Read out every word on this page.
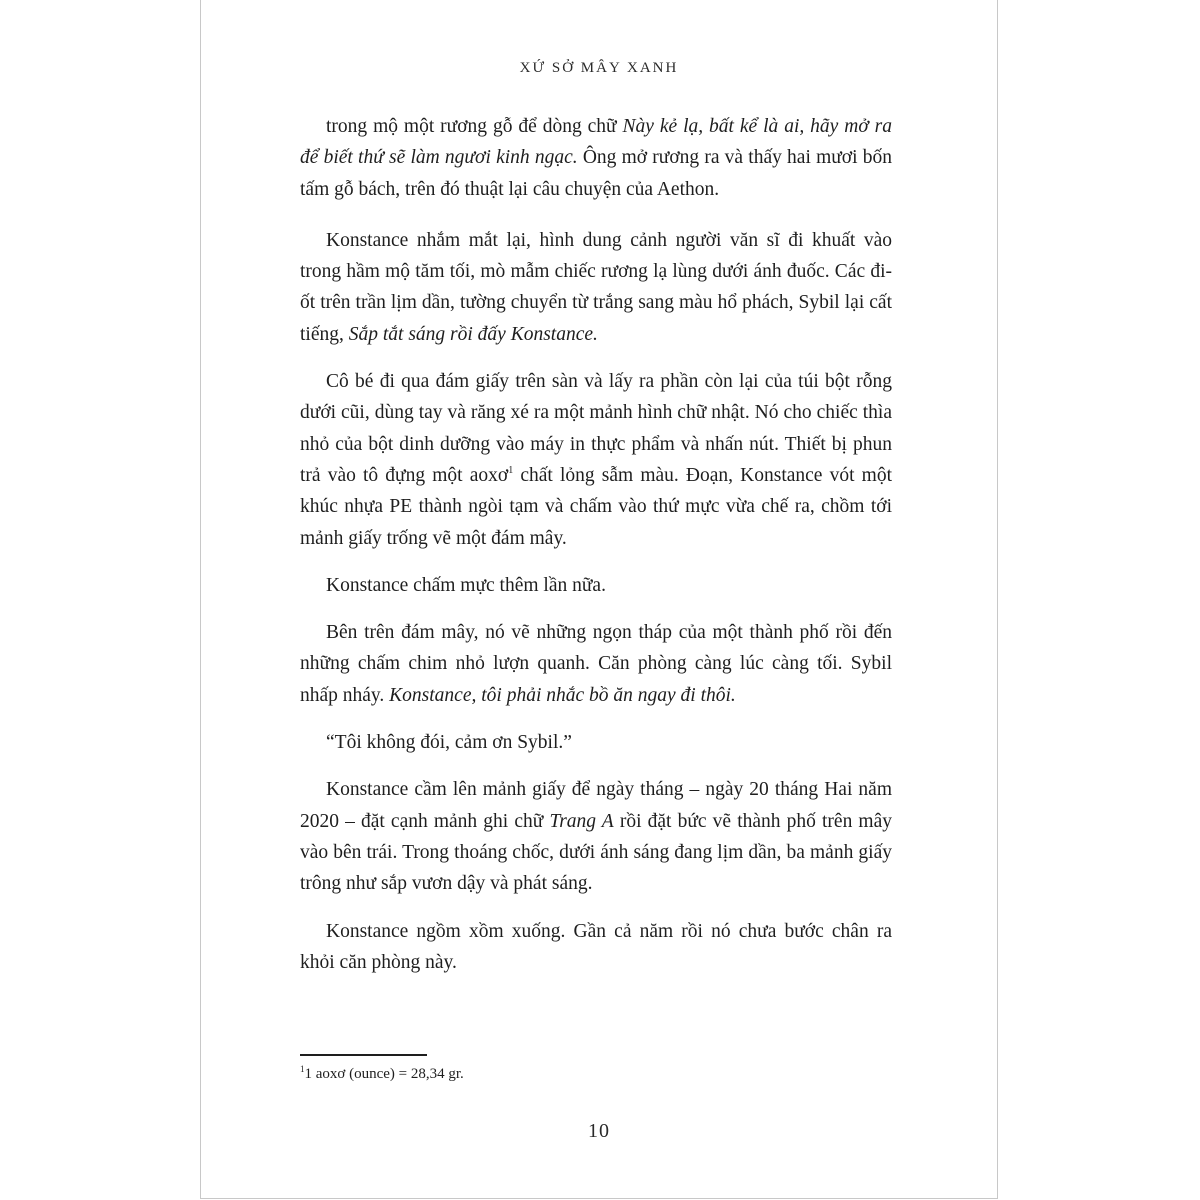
XỨ SỞ MÂY XANH

trong mộ một rương gỗ để dòng chữ Này kẻ lạ, bất kể là ai, hãy mở ra để biết thứ sẽ làm ngươi kinh ngạc. Ông mở rương ra và thấy hai mươi bốn tấm gỗ bách, trên đó thuật lại câu chuyện của Aethon.

Konstance nhắm mắt lại, hình dung cảnh người văn sĩ đi khuất vào trong hầm mộ tăm tối, mò mẫm chiếc rương lạ lùng dưới ánh đuốc. Các đi-ốt trên trần lịm dần, tường chuyển từ trắng sang màu hổ phách, Sybil lại cất tiếng, Sắp tắt sáng rồi đấy Konstance.

Cô bé đi qua đám giấy trên sàn và lấy ra phần còn lại của túi bột rỗng dưới cũi, dùng tay và răng xé ra một mảnh hình chữ nhật. Nó cho chiếc thìa nhỏ của bột dinh dưỡng vào máy in thực phẩm và nhấn nút. Thiết bị phun trả vào tô đựng một aoxơ$^1$ chất lỏng sẫm màu. Đoạn, Konstance vót một khúc nhựa PE thành ngòi tạm và chấm vào thứ mực vừa chế ra, chồm tới mảnh giấy trống vẽ một đám mây.

Konstance chấm mực thêm lần nữa.

Bên trên đám mây, nó vẽ những ngọn tháp của một thành phố rồi đến những chấm chim nhỏ lượn quanh. Căn phòng càng lúc càng tối. Sybil nhấp nháy. Konstance, tôi phải nhắc bồ ăn ngay đi thôi.

“Tôi không đói, cảm ơn Sybil.”

Konstance cầm lên mảnh giấy để ngày tháng – ngày 20 tháng Hai năm 2020 – đặt cạnh mảnh ghi chữ Trang A rồi đặt bức vẽ thành phố trên mây vào bên trái. Trong thoáng chốc, dưới ánh sáng đang lịm dần, ba mảnh giấy trông như sắp vươn dậy và phát sáng.

Konstance ngồm xồm xuống. Gần cả năm rồi nó chưa bước chân ra khỏi căn phòng này.

$^1$1 aoxơ (ounce) = 28,34 gr.
10
